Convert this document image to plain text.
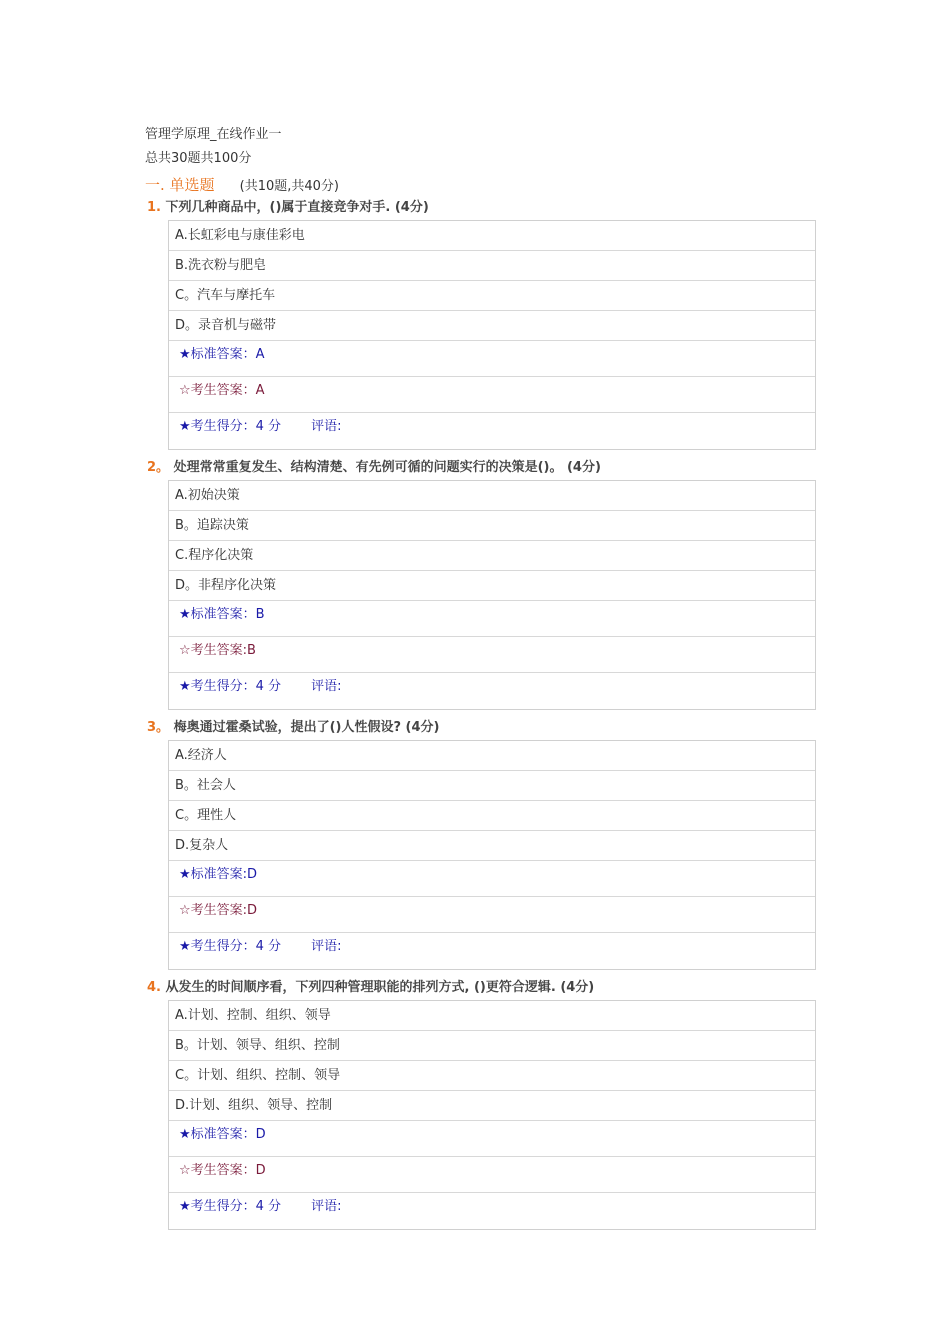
管理学原理_在线作业一
总共30题共100分
一. 单选题 (共10题,共40分)
1. 下列几种商品中，()属于直接竞争对手. (4分)
A.长虹彩电与康佳彩电
B.洗衣粉与肥皂
C。汽车与摩托车
D。录音机与磁带
★标准答案：A
☆考生答案：A
★考生得分：4 分 评语:
2。 处理常常重复发生、结构清楚、有先例可循的问题实行的决策是()。 (4分)
A.初始决策
B。追踪决策
C.程序化决策
D。非程序化决策
★标准答案：B
☆考生答案:B
★考生得分：4 分 评语:
3。 梅奥通过霍桑试验，提出了()人性假设? (4分)
A.经济人
B。社会人
C。理性人
D.复杂人
★标准答案:D
☆考生答案:D
★考生得分：4 分 评语:
4. 从发生的时间顺序看，下列四种管理职能的排列方式, ()更符合逻辑. (4分)
A.计划、控制、组织、领导
B。计划、领导、组织、控制
C。计划、组织、控制、领导
D.计划、组织、领导、控制
★标准答案：D
☆考生答案：D
★考生得分：4 分 评语:
